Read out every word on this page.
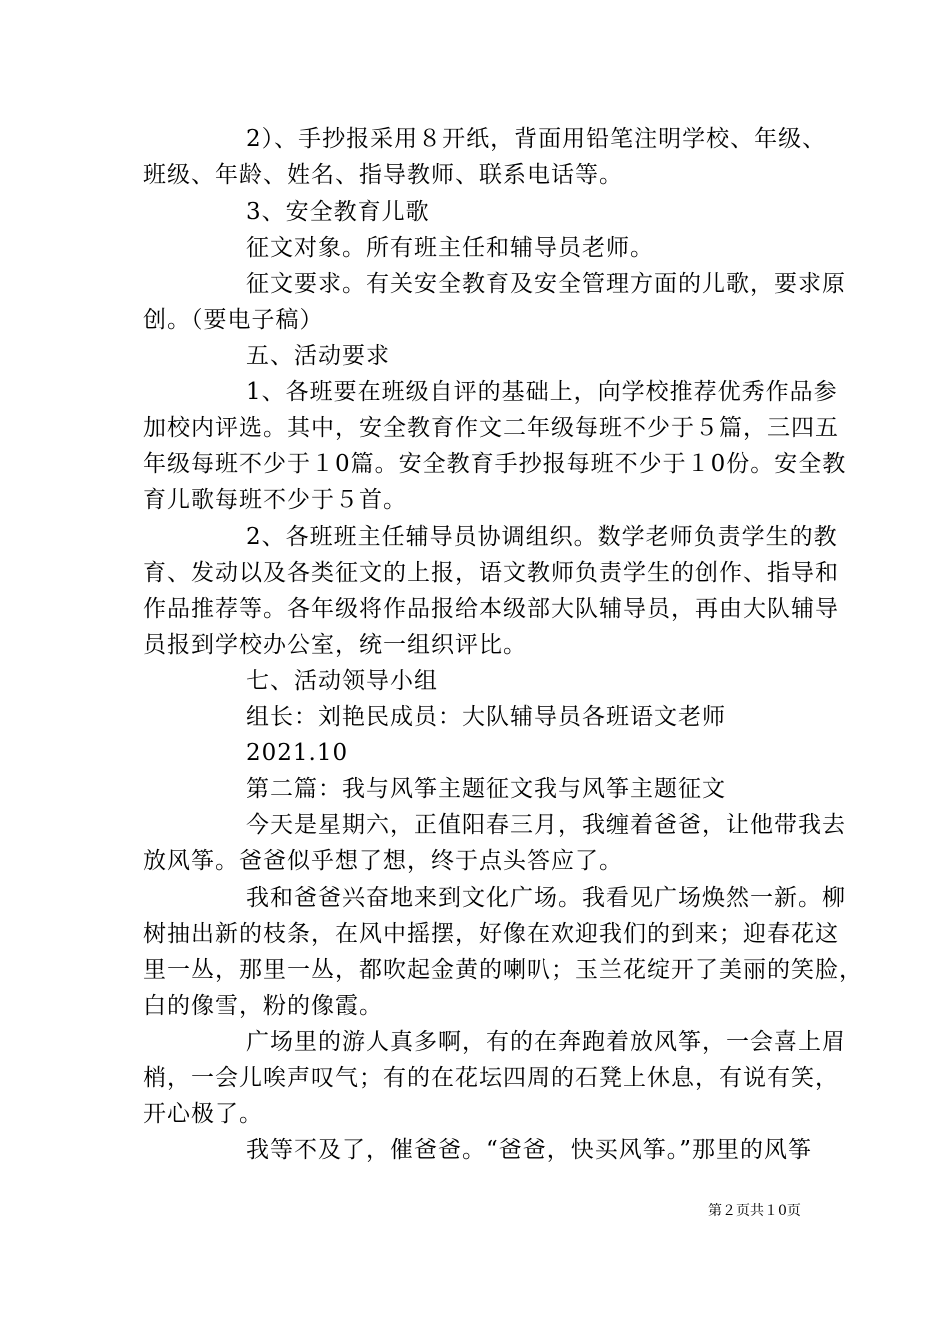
2）、手抄报采用８开纸，背面用铅笔注明学校、年级、
班级、年龄、姓名、指导教师、联系电话等。
3、安全教育儿歌
征文对象。所有班主任和辅导员老师。
征文要求。有关安全教育及安全管理方面的儿歌，要求原
创。（要电子稿）
五、活动要求
1、各班要在班级自评的基础上，向学校推荐优秀作品参
加校内评选。其中，安全教育作文二年级每班不少于５篇，三四五
年级每班不少于１0篇。安全教育手抄报每班不少于１0份。安全教
育儿歌每班不少于５首。
2、各班班主任辅导员协调组织。数学老师负责学生的教
育、发动以及各类征文的上报，语文教师负责学生的创作、指导和
作品推荐等。各年级将作品报给本级部大队辅导员，再由大队辅导
员报到学校办公室，统一组织评比。
七、活动领导小组
组长：刘艳民成员：大队辅导员各班语文老师
2021.10
第二篇：我与风筝主题征文我与风筝主题征文
今天是星期六，正值阳春三月，我缠着爸爸，让他带我去
放风筝。爸爸似乎想了想，终于点头答应了。
我和爸爸兴奋地来到文化广场。我看见广场焕然一新。柳
树抽出新的枝条，在风中摇摆，好像在欢迎我们的到来；迎春花这
里一丛，那里一丛，都吹起金黄的喇叭；玉兰花绽开了美丽的笑脸，
白的像雪，粉的像霞。
广场里的游人真多啊，有的在奔跑着放风筝，一会喜上眉
梢，一会儿唉声叹气；有的在花坛四周的石凳上休息，有说有笑，
开心极了。
我等不及了，催爸爸。“爸爸，快买风筝。”那里的风筝
第２页共１0页
